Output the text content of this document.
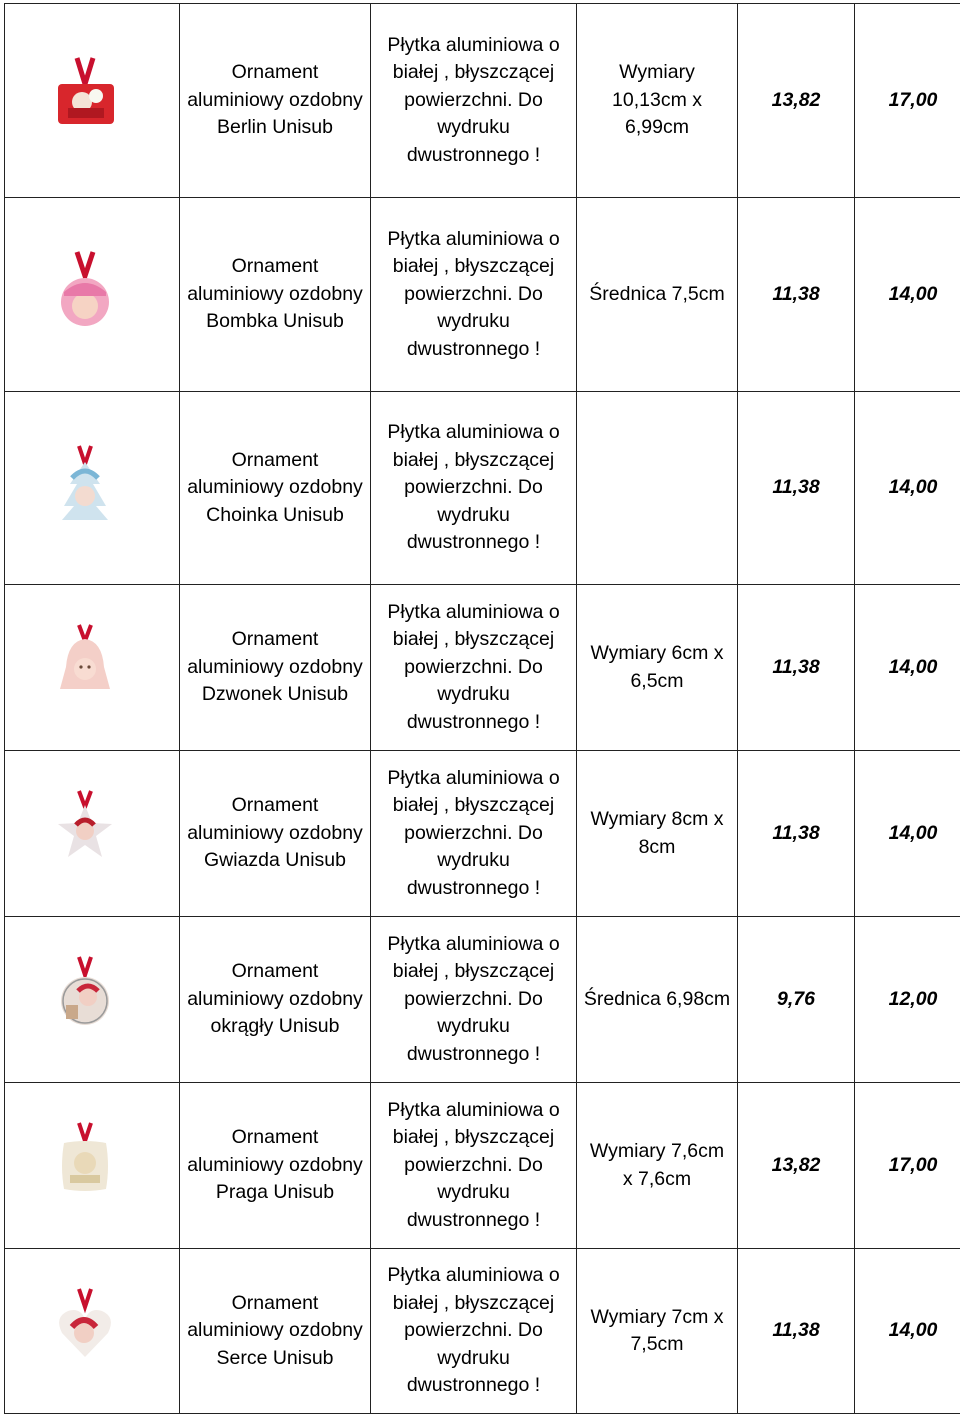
	Ornament aluminiowy ozdobny Berlin Unisub	Płytka aluminiowa o białej , błyszczącej powierzchni. Do wydruku dwustronnego !	Wymiary 10,13cm x 6,99cm	13,82	17,00
	Ornament aluminiowy ozdobny Bombka Unisub	Płytka aluminiowa o białej , błyszczącej powierzchni. Do wydruku dwustronnego !	Średnica 7,5cm	11,38	14,00
	Ornament aluminiowy ozdobny Choinka Unisub	Płytka aluminiowa o białej , błyszczącej powierzchni. Do wydruku dwustronnego !		11,38	14,00
	Ornament aluminiowy ozdobny Dzwonek Unisub	Płytka aluminiowa o białej , błyszczącej powierzchni. Do wydruku dwustronnego !	Wymiary 6cm x 6,5cm	11,38	14,00
	Ornament aluminiowy ozdobny Gwiazda Unisub	Płytka aluminiowa o białej , błyszczącej powierzchni. Do wydruku dwustronnego !	Wymiary 8cm x 8cm	11,38	14,00
	Ornament aluminiowy ozdobny okrągły Unisub	Płytka aluminiowa o białej , błyszczącej powierzchni. Do wydruku dwustronnego !	Średnica 6,98cm	9,76	12,00
	Ornament aluminiowy ozdobny Praga Unisub	Płytka aluminiowa o białej , błyszczącej powierzchni. Do wydruku dwustronnego !	Wymiary 7,6cm x 7,6cm	13,82	17,00
	Ornament aluminiowy ozdobny Serce Unisub	Płytka aluminiowa o białej , błyszczącej powierzchni. Do wydruku dwustronnego !	Wymiary 7cm x 7,5cm	11,38	14,00
